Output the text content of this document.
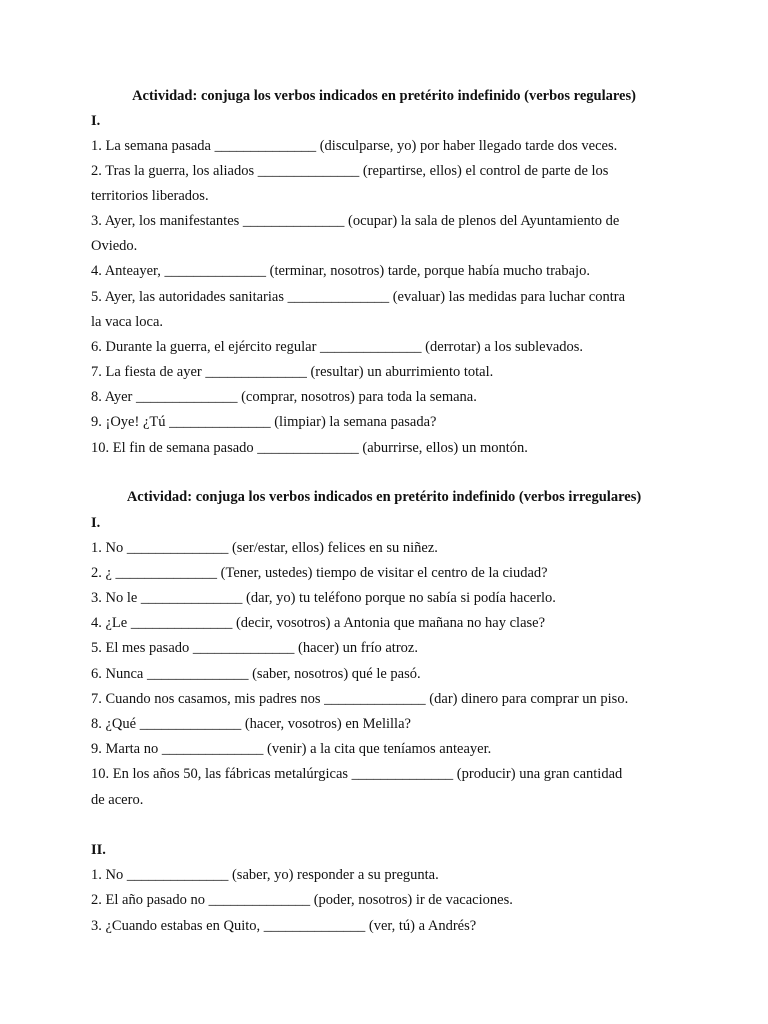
Actividad: conjuga los verbos indicados en pretérito indefinido (verbos regulares)
I.
1. La semana pasada ______________ (disculparse, yo) por haber llegado tarde dos veces.
2. Tras la guerra, los aliados ______________ (repartirse, ellos) el control de parte de los
territorios liberados.
3. Ayer, los manifestantes ______________ (ocupar) la sala de plenos del Ayuntamiento de
Oviedo.
4. Anteayer, ______________ (terminar, nosotros) tarde, porque había mucho trabajo.
5. Ayer, las autoridades sanitarias ______________ (evaluar) las medidas para luchar contra
la vaca loca.
6. Durante la guerra, el ejército regular ______________ (derrotar) a los sublevados.
7. La fiesta de ayer ______________ (resultar) un aburrimiento total.
8. Ayer ______________ (comprar, nosotros) para toda la semana.
9. ¡Oye! ¿Tú ______________ (limpiar) la semana pasada?
10. El fin de semana pasado ______________ (aburrirse, ellos) un montón.
Actividad: conjuga los verbos indicados en pretérito indefinido (verbos irregulares)
I.
1. No ______________ (ser/estar, ellos) felices en su niñez.
2. ¿ ______________ (Tener, ustedes) tiempo de visitar el centro de la ciudad?
3. No le ______________ (dar, yo) tu teléfono porque no sabía si podía hacerlo.
4. ¿Le ______________ (decir, vosotros) a Antonia que mañana no hay clase?
5. El mes pasado ______________ (hacer) un frío atroz.
6. Nunca ______________ (saber, nosotros) qué le pasó.
7. Cuando nos casamos, mis padres nos ______________ (dar) dinero para comprar un piso.
8. ¿Qué ______________ (hacer, vosotros) en Melilla?
9. Marta no ______________ (venir) a la cita que teníamos anteayer.
10. En los años 50, las fábricas metalúrgicas ______________ (producir) una gran cantidad
de acero.
II.
1. No ______________ (saber, yo) responder a su pregunta.
2. El año pasado no ______________ (poder, nosotros) ir de vacaciones.
3. ¿Cuando estabas en Quito, ______________ (ver, tú) a Andrés?
